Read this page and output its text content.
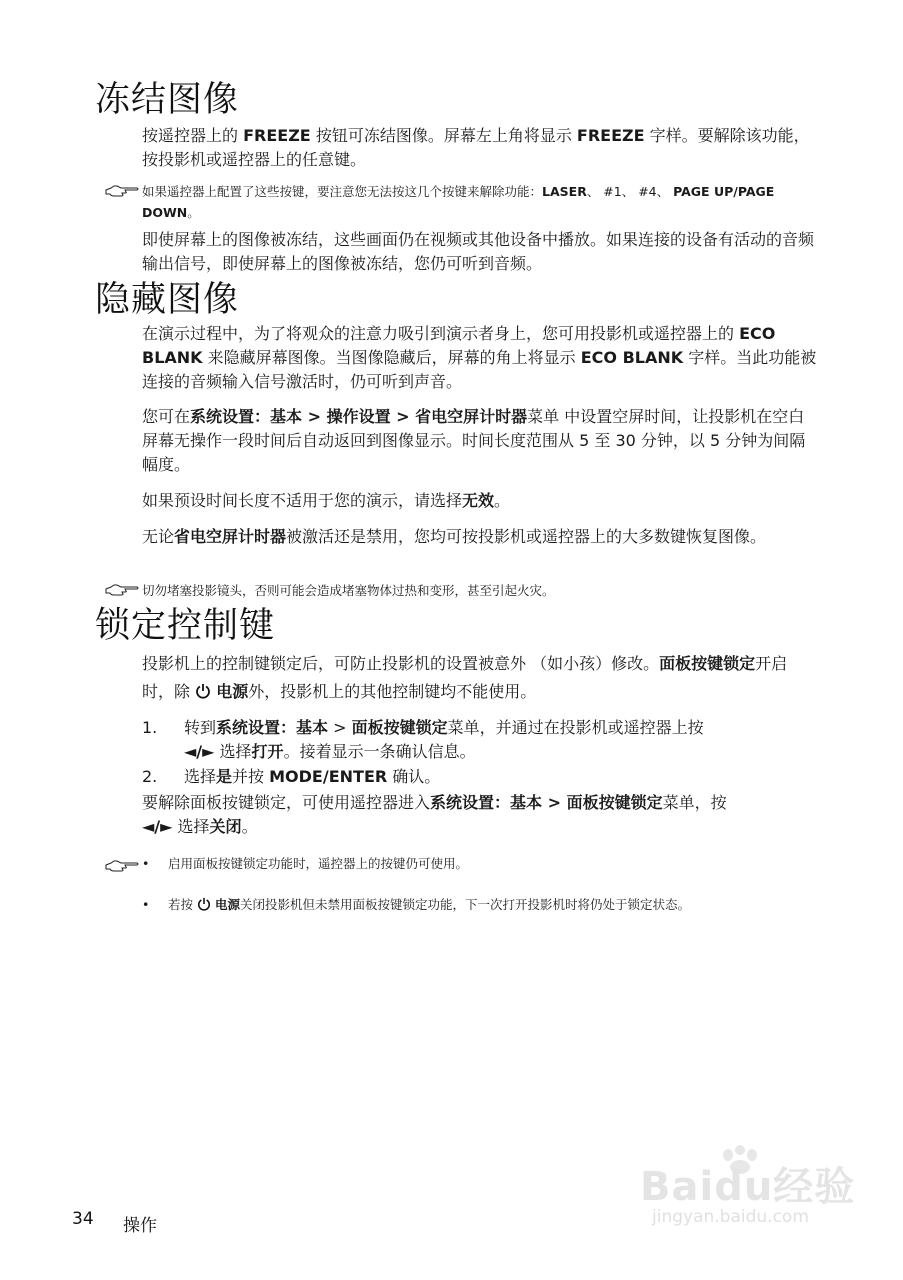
冻结图像

按遥控器上的 FREEZE 按钮可冻结图像。屏幕左上角将显示 FREEZE 字样。要解除该功能，按投影机或遥控器上的任意键。

如果遥控器上配置了这些按键，要注意您无法按这几个按键来解除功能：LASER、 #1、 #4、 PAGE UP/PAGE DOWN。

即使屏幕上的图像被冻结，这些画面仍在视频或其他设备中播放。如果连接的设备有活动的音频输出信号，即使屏幕上的图像被冻结，您仍可听到音频。

隐藏图像

在演示过程中，为了将观众的注意力吸引到演示者身上，您可用投影机或遥控器上的 ECO BLANK 来隐藏屏幕图像。当图像隐藏后，屏幕的角上将显示 ECO BLANK 字样。当此功能被连接的音频输入信号激活时，仍可听到声音。

您可在系统设置：基本 > 操作设置 > 省电空屏计时器菜单 中设置空屏时间，让投影机在空白屏幕无操作一段时间后自动返回到图像显示。时间长度范围从 5 至 30 分钟，以 5 分钟为间隔幅度。

如果预设时间长度不适用于您的演示，请选择无效。

无论省电空屏计时器被激活还是禁用，您均可按投影机或遥控器上的大多数键恢复图像。

切勿堵塞投影镜头，否则可能会造成堵塞物体过热和变形，甚至引起火灾。
锁定控制键

投影机上的控制键锁定后，可防止投影机的设置被意外 （如小孩）修改。面板按键锁定开启时，除  电源外，投影机上的其他控制键均不能使用。

1. 转到系统设置：基本 > 面板按键锁定菜单，并通过在投影机或遥控器上按
◄/► 选择打开。接着显示一条确认信息。
2. 选择是并按 MODE/ENTER 确认。

要解除面板按键锁定，可使用遥控器进入系统设置：基本 > 面板按键锁定菜单，按
◄/► 选择关闭。

• 启用面板按键锁定功能时，遥控器上的按键仍可使用。
• 若按  电源关闭投影机但未禁用面板按键锁定功能，下一次打开投影机时将仍处于锁定状态。
34 操作
Baidu经验
jingyan.baidu.com
